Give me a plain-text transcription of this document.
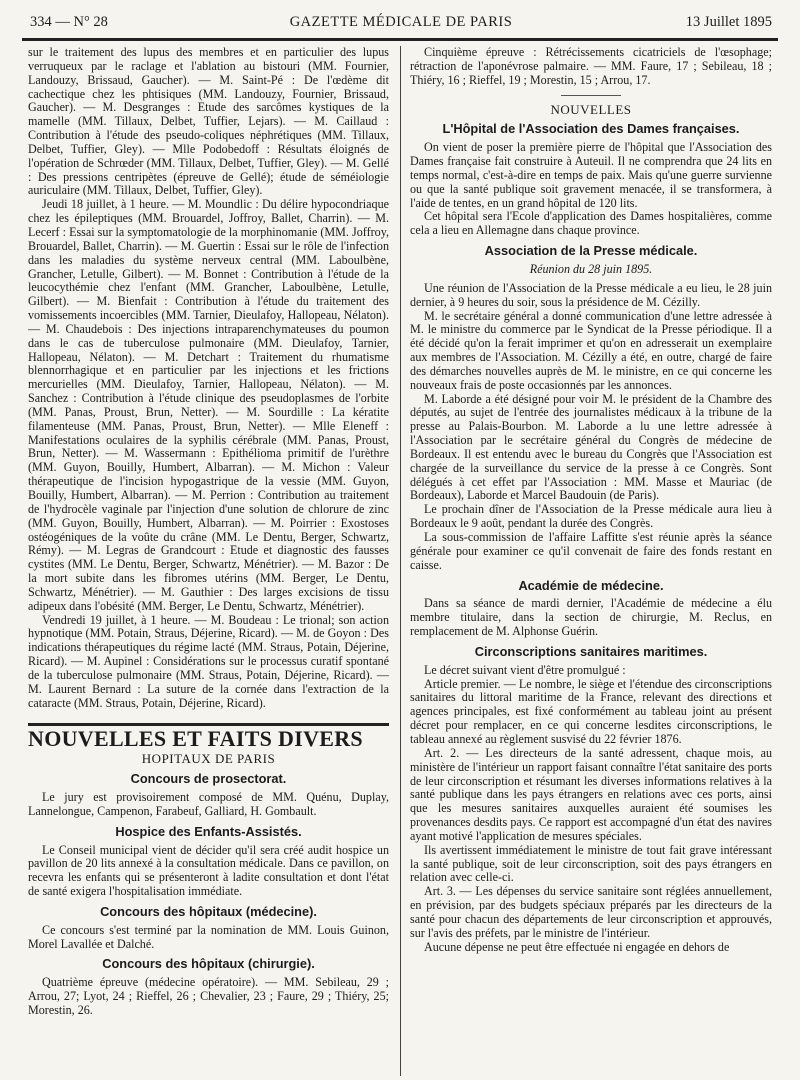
334 — N° 28	GAZETTE MÉDICALE DE PARIS	13 Juillet 1895

sur le traitement des lupus des membres et en particulier des lupus verruqueux par le raclage et l'ablation au bistouri (MM. Fournier, Landouzy, Brissaud, Gaucher). — M. Saint-Pé : De l'œdème dit cachectique chez les phtisiques (MM. Landouzy, Fournier, Brissaud, Gaucher). — M. Desgranges : Etude des sarcômes kystiques de la mamelle (MM. Tillaux, Delbet, Tuffier, Lejars). — M. Caillaud : Contribution à l'étude des pseudo-coliques néphrétiques (MM. Tillaux, Delbet, Tuffier, Gley). — Mlle Podobedoff : Résultats éloignés de l'opération de Schrœder (MM. Tillaux, Delbet, Tuffier, Gley). — M. Gellé : Des pressions centripètes (épreuve de Gellé); étude de séméiologie auriculaire (MM. Tillaux, Delbet, Tuffier, Gley).

Jeudi 18 juillet, à 1 heure. — M. Moundlic : Du délire hypocondriaque chez les épileptiques (MM. Brouardel, Joffroy, Ballet, Charrin). — M. Lecerf : Essai sur la symptomatologie de la morphinomanie (MM. Joffroy, Brouardel, Ballet, Charrin). — M. Guertin : Essai sur le rôle de l'infection dans les maladies du système nerveux central (MM. Laboulbène, Grancher, Letulle, Gilbert). — M. Bonnet : Contribution à l'étude de la leucocythémie chez l'enfant (MM. Grancher, Laboulbène, Letulle, Gilbert). — M. Bienfait : Contribution à l'étude du traitement des vomissements incoercibles (MM. Tarnier, Dieulafoy, Hallopeau, Nélaton). — M. Chaudebois : Des injections intraparenchymateuses du poumon dans le cas de tuberculose pulmonaire (MM. Dieulafoy, Tarnier, Hallopeau, Nélaton). — M. Detchart : Traitement du rhumatisme blennorrhagique et en particulier par les injections et les frictions mercurielles (MM. Dieulafoy, Tarnier, Hallopeau, Nélaton). — M. Sanchez : Contribution à l'étude clinique des pseudoplasmes de l'orbite (MM. Panas, Proust, Brun, Netter). — M. Sourdille : La kératite filamenteuse (MM. Panas, Proust, Brun, Netter). — Mlle Eleneff : Manifestations oculaires de la syphilis cérébrale (MM. Panas, Proust, Brun, Netter). — M. Wassermann : Epithélioma primitif de l'urèthre (MM. Guyon, Bouilly, Humbert, Albarran). — M. Michon : Valeur thérapeutique de l'incision hypogastrique de la vessie (MM. Guyon, Bouilly, Humbert, Albarran). — M. Perrion : Contribution au traitement de l'hydrocèle vaginale par l'injection d'une solution de chlorure de zinc (MM. Guyon, Bouilly, Humbert, Albarran). — M. Poirrier : Exostoses ostéogéniques de la voûte du crâne (MM. Le Dentu, Berger, Schwartz, Rémy). — M. Legras de Grandcourt : Etude et diagnostic des fausses cystites (MM. Le Dentu, Berger, Schwartz, Ménétrier). — M. Bazor : De la mort subite dans les fibromes utérins (MM. Berger, Le Dentu, Schwartz, Ménétrier). — M. Gauthier : Des larges excisions de tissu adipeux dans l'obésité (MM. Berger, Le Dentu, Schwartz, Ménétrier).

Vendredi 19 juillet, à 1 heure. — M. Boudeau : Le trional; son action hypnotique (MM. Potain, Straus, Déjerine, Ricard). — M. de Goyon : Des indications thérapeutiques du régime lacté (MM. Straus, Potain, Déjerine, Ricard). — M. Aupinel : Considérations sur le processus curatif spontané de la tuberculose pulmonaire (MM. Straus, Potain, Déjerine, Ricard). — M. Laurent Bernard : La suture de la cornée dans l'extraction de la cataracte (MM. Straus, Potain, Déjerine, Ricard).

NOUVELLES ET FAITS DIVERS
HOPITAUX DE PARIS
Concours de prosectorat.

Le jury est provisoirement composé de MM. Quénu, Duplay, Lannelongue, Campenon, Farabeuf, Galliard, H. Gombault.

Hospice des Enfants-Assistés.

Le Conseil municipal vient de décider qu'il sera créé audit hospice un pavillon de 20 lits annexé à la consultation médicale. Dans ce pavillon, on recevra les enfants qui se présenteront à ladite consultation et dont l'état de santé exigera l'hospitalisation immédiate.

Concours des hôpitaux (médecine).

Ce concours s'est terminé par la nomination de MM. Louis Guinon, Morel Lavallée et Dalché.

Concours des hôpitaux (chirurgie).

Quatrième épreuve (médecine opératoire). — MM. Sebileau, 29 ; Arrou, 27; Lyot, 24 ; Rieffel, 26 ; Chevalier, 23 ; Faure, 29 ; Thiéry, 25; Morestin, 26.

Cinquième épreuve : Rétrécissements cicatriciels de l'œsophage; rétraction de l'aponévrose palmaire. — MM. Faure, 17 ; Sebileau, 18 ; Thiéry, 16 ; Rieffel, 19 ; Morestin, 15 ; Arrou, 17.

NOUVELLES
L'Hôpital de l'Association des Dames françaises.

On vient de poser la première pierre de l'hôpital que l'Association des Dames française fait construire à Auteuil. Il ne comprendra que 24 lits en temps normal, c'est-à-dire en temps de paix. Mais qu'une guerre survienne ou que la santé publique soit gravement menacée, il se transformera, à l'aide de tentes, en un grand hôpital de 120 lits.

Cet hôpital sera l'Ecole d'application des Dames hospitalières, comme cela a lieu en Allemagne dans chaque province.

Association de la Presse médicale.
Réunion du 28 juin 1895.

Une réunion de l'Association de la Presse médicale a eu lieu, le 28 juin dernier, à 9 heures du soir, sous la présidence de M. Cézilly.

M. le secrétaire général a donné communication d'une lettre adressée à M. le ministre du commerce par le Syndicat de la Presse périodique. Il a été décidé qu'on la ferait imprimer et qu'on en adresserait un exemplaire aux membres de l'Association. M. Cézilly a été, en outre, chargé de faire des démarches nouvelles auprès de M. le ministre, en ce qui concerne les nouveaux frais de poste occasionnés par les annonces.

M. Laborde a été désigné pour voir M. le président de la Chambre des députés, au sujet de l'entrée des journalistes médicaux à la tribune de la presse au Palais-Bourbon. M. Laborde a lu une lettre adressée à l'Association par le secrétaire général du Congrès de médecine de Bordeaux. Il est entendu avec le bureau du Congrès que l'Association est chargée de la surveillance du service de la presse à ce Congrès. Sont délégués à cet effet par l'Association : MM. Masse et Mauriac (de Bordeaux), Laborde et Marcel Baudouin (de Paris).

Le prochain dîner de l'Association de la Presse médicale aura lieu à Bordeaux le 9 août, pendant la durée des Congrès.

La sous-commission de l'affaire Laffitte s'est réunie après la séance générale pour examiner ce qu'il convenait de faire des fonds restant en caisse.

Académie de médecine.

Dans sa séance de mardi dernier, l'Académie de médecine a élu membre titulaire, dans la section de chirurgie, M. Reclus, en remplacement de M. Alphonse Guérin.

Circonscriptions sanitaires maritimes.

Le décret suivant vient d'être promulgué :

Article premier. — Le nombre, le siège et l'étendue des circonscriptions sanitaires du littoral maritime de la France, relevant des directions et agences principales, est fixé conformément au tableau joint au présent décret pour remplacer, en ce qui concerne lesdites circonscriptions, le tableau annexé au règlement susvisé du 22 février 1876.

Art. 2. — Les directeurs de la santé adressent, chaque mois, au ministère de l'intérieur un rapport faisant connaître l'état sanitaire des ports de leur circonscription et résumant les diverses informations relatives à la santé publique dans les pays étrangers en relations avec ces ports, ainsi que les mesures sanitaires auxquelles auraient été soumises les provenances desdits pays. Ce rapport est accompagné d'un état des navires ayant motivé l'application de mesures spéciales.

Ils avertissent immédiatement le ministre de tout fait grave intéressant la santé publique, soit de leur circonscription, soit des pays étrangers en relation avec celle-ci.

Art. 3. — Les dépenses du service sanitaire sont réglées annuellement, en prévision, par des budgets spéciaux préparés par les directeurs de la santé pour chacun des départements de leur circonscription et approuvés, sur l'avis des préfets, par le ministre de l'intérieur.

Aucune dépense ne peut être effectuée ni engagée en dehors de
